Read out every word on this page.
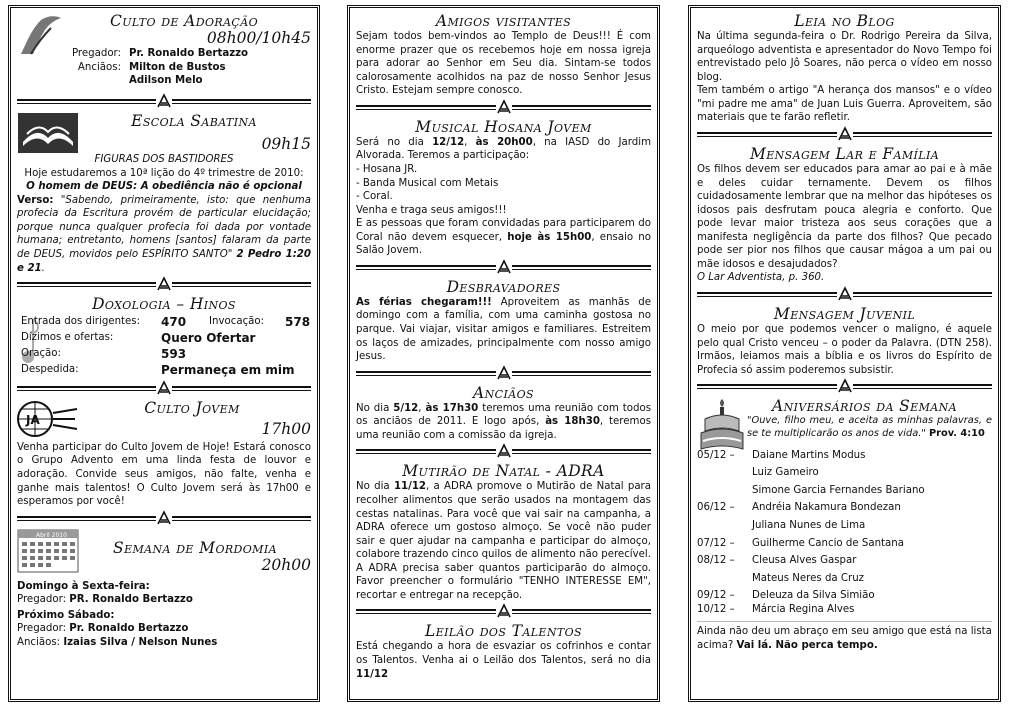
Culto de Adoração
08h00/10h45
Pregador: Pr. Ronaldo Bertazzo
Anciãos: Milton de Bustos
Adilson Melo
Escola Sabatina
09h15
FIGURAS DOS BASTIDORES
Hoje estudaremos a 10ª lição do 4º trimestre de 2010:
O homem de DEUS: A obediência não é opcional

Verso: "Sabendo, primeiramente, isto: que nenhuma profecia da Escritura provém de particular elucidação; porque nunca qualquer profecia foi dada por vontade humana; entretanto, homens [santos] falaram da parte de DEUS, movidos pelo ESPÍRITO SANTO" 2 Pedro 1:20 e 21.

Doxologia – Hinos
Entrada dos dirigentes:	470	Invocação:	578
Dízimos e ofertas:	Quero Ofertar
Oração:	593
Despedida:	Permaneça em mim
JA
Culto Jovem
17h00

Venha participar do Culto Jovem de Hoje! Estará conosco o Grupo Advento em uma linda festa de louvor e adoração. Convide seus amigos, não falte, venha e ganhe mais talentos! O Culto Jovem será às 17h00 e esperamos por você!

Abril 2010
Semana de Mordomia
20h00
Domingo à Sexta-feira:
Pregador: PR. Ronaldo Bertazzo
Próximo Sábado:
Pregador: Pr. Ronaldo Bertazzo
Anciãos: Izaias Silva / Nelson Nunes
Amigos visitantes

Sejam todos bem-vindos ao Templo de Deus!!! É com enorme prazer que os recebemos hoje em nossa igreja para adorar ao Senhor em Seu dia. Sintam-se todos calorosamente acolhidos na paz de nosso Senhor Jesus Cristo. Estejam sempre conosco.

Musical Hosana Jovem

Será no dia 12/12, às 20h00, na IASD do Jardim Alvorada. Teremos a participação:

- Hosana JR.
- Banda Musical com Metais
- Coral.
Venha e traga seus amigos!!!

E as pessoas que foram convidadas para participarem do Coral não devem esquecer, hoje às 15h00, ensaio no Salão Jovem.

Desbravadores

As férias chegaram!!! Aproveitem as manhãs de domingo com a família, com uma caminha gostosa no parque. Vai viajar, visitar amigos e familiares. Estreitem os laços de amizades, principalmente com nosso amigo Jesus.

Anciãos

No dia 5/12, às 17h30 teremos uma reunião com todos os anciãos de 2011. E logo após, às 18h30, teremos uma reunião com a comissão da igreja.

Mutirão de Natal - ADRA

No dia 11/12, a ADRA promove o Mutirão de Natal para recolher alimentos que serão usados na montagem das cestas natalinas. Para você que vai sair na campanha, a ADRA oferece um gostoso almoço. Se você não puder sair e quer ajudar na campanha e participar do almoço, colabore trazendo cinco quilos de alimento não perecível. A ADRA precisa saber quantos participarão do almoço. Favor preencher o formulário "TENHO INTERESSE EM", recortar e entregar na recepção.

Leilão dos Talentos

Está chegando a hora de esvaziar os cofrinhos e contar os Talentos. Venha ai o Leilão dos Talentos, será no dia 11/12

Leia no Blog

Na última segunda-feira o Dr. Rodrigo Pereira da Silva, arqueólogo adventista e apresentador do Novo Tempo foi entrevistado pelo Jô Soares, não perca o vídeo em nosso blog.

Tem também o artigo "A herança dos mansos" e o vídeo "mi padre me ama" de Juan Luis Guerra. Aproveitem, são materiais que te farão refletir.

Mensagem Lar e Família

Os filhos devem ser educados para amar ao pai e à mãe e deles cuidar ternamente. Devem os filhos cuidadosamente lembrar que na melhor das hipóteses os idosos pais desfrutam pouca alegria e conforto. Que pode levar maior tristeza aos seus corações que a manifesta negligência da parte dos filhos? Que pecado pode ser pior nos filhos que causar mágoa a um pai ou mãe idosos e desajudados?

O Lar Adventista, p. 360.

Mensagem Juvenil

O meio por que podemos vencer o maligno, é aquele pelo qual Cristo venceu – o poder da Palavra. (DTN 258). Irmãos, leiamos mais a bíblia e os livros do Espírito de Profecia só assim poderemos subsistir.

Aniversários da Semana

"Ouve, filho meu, e aceita as minhas palavras, e se te multiplicarão os anos de vida." Prov. 4:10

05/12 –	Daiane Martins Modus
Luiz Gameiro
Simone Garcia Fernandes Bariano
06/12 –	Andréia Nakamura Bondezan
Juliana Nunes de Lima
07/12 –	Guilherme Cancio de Santana
08/12 –	Cleusa Alves Gaspar
Mateus Neres da Cruz
09/12 –	Deleuza da Silva Simião
10/12 –	Márcia Regina Alves

Ainda não deu um abraço em seu amigo que está na lista acima? Vai lá. Não perca tempo.
